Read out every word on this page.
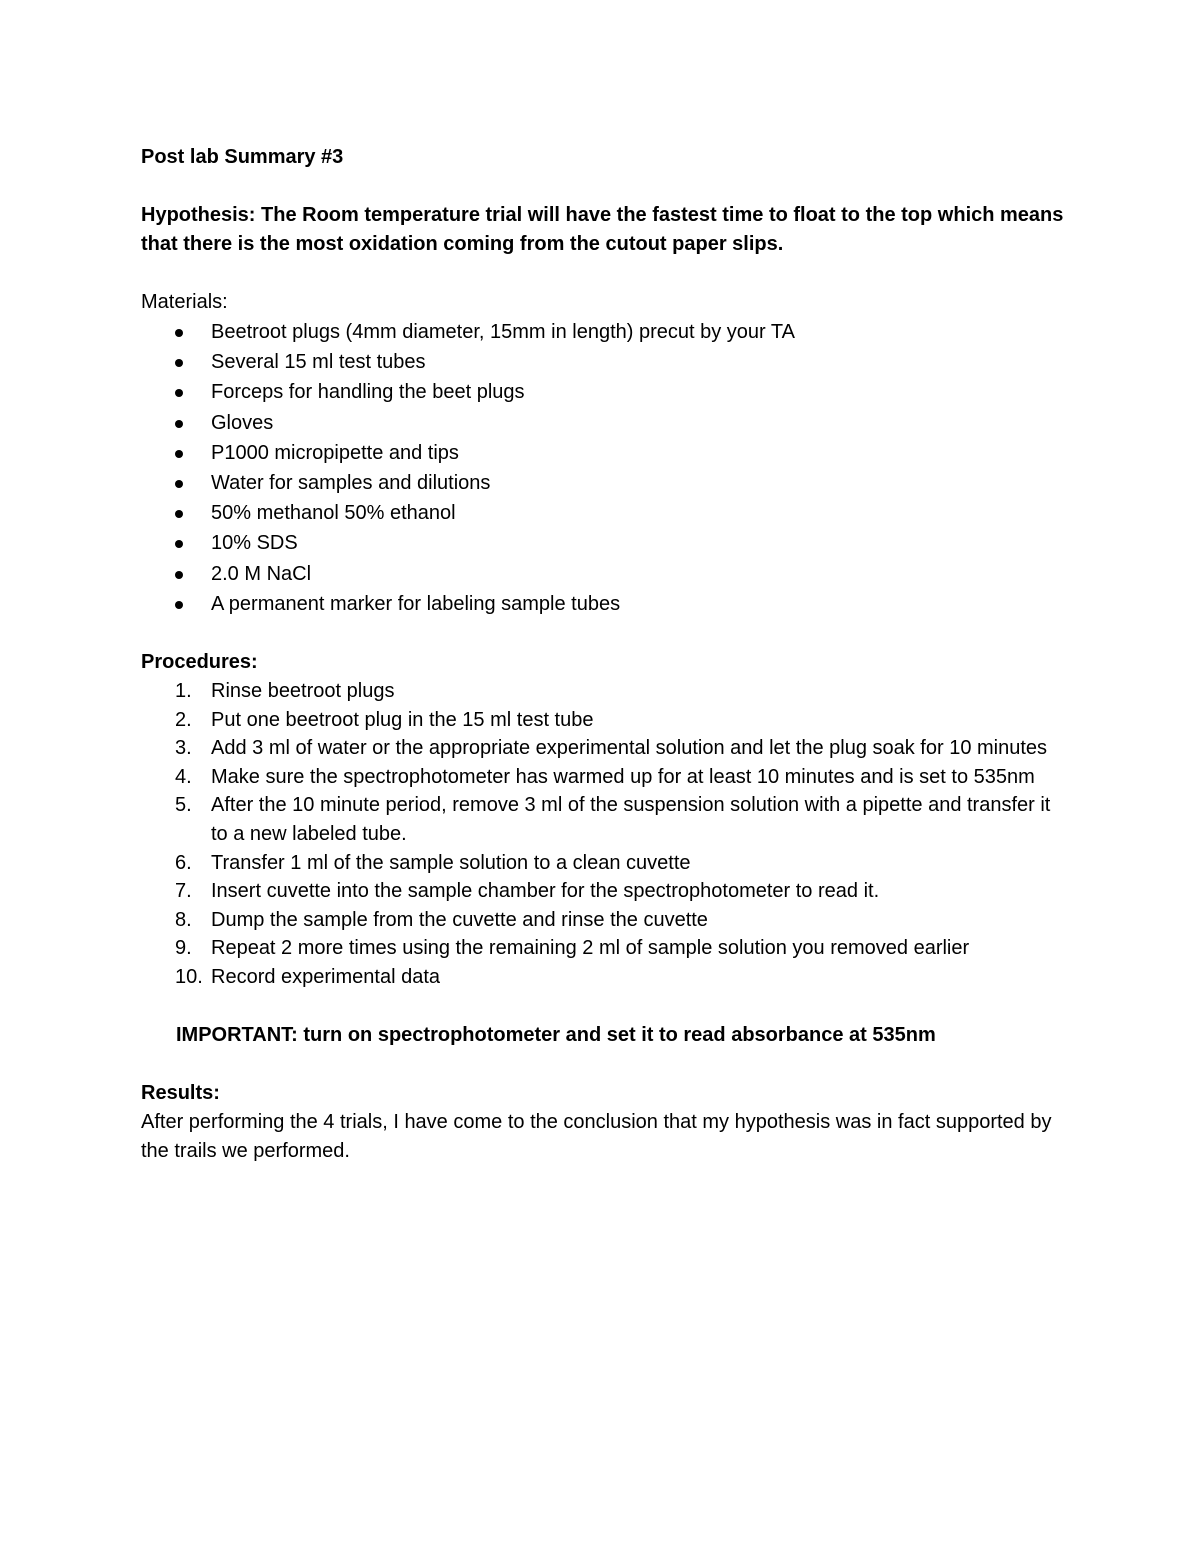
Post lab Summary #3

Hypothesis: The Room temperature trial will have the fastest time to float to the top which means that there is the most oxidation coming from the cutout paper slips.

Materials:

Beetroot plugs (4mm diameter, 15mm in length) precut by your TA
Several 15 ml test tubes
Forceps for handling the beet plugs
Gloves
P1000 micropipette and tips
Water for samples and dilutions
50% methanol 50% ethanol
10% SDS
2.0 M NaCl
A permanent marker for labeling sample tubes

Procedures:

1. Rinse beetroot plugs
2. Put one beetroot plug in the 15 ml test tube
3. Add 3 ml of water or the appropriate experimental solution and let the plug soak for 10 minutes
4. Make sure the spectrophotometer has warmed up for at least 10 minutes and is set to 535nm
5. After the 10 minute period, remove 3 ml of the suspension solution with a pipette and transfer it to a new labeled tube.
6. Transfer 1 ml of the sample solution to a clean cuvette
7. Insert cuvette into the sample chamber for the spectrophotometer to read it.
8. Dump the sample from the cuvette and rinse the cuvette
9. Repeat 2 more times using the remaining 2 ml of sample solution you removed earlier
10. Record experimental data

IMPORTANT: turn on spectrophotometer and set it to read absorbance at 535nm

Results:

After performing the 4 trials, I have come to the conclusion that my hypothesis was in fact supported by the trails we performed.
